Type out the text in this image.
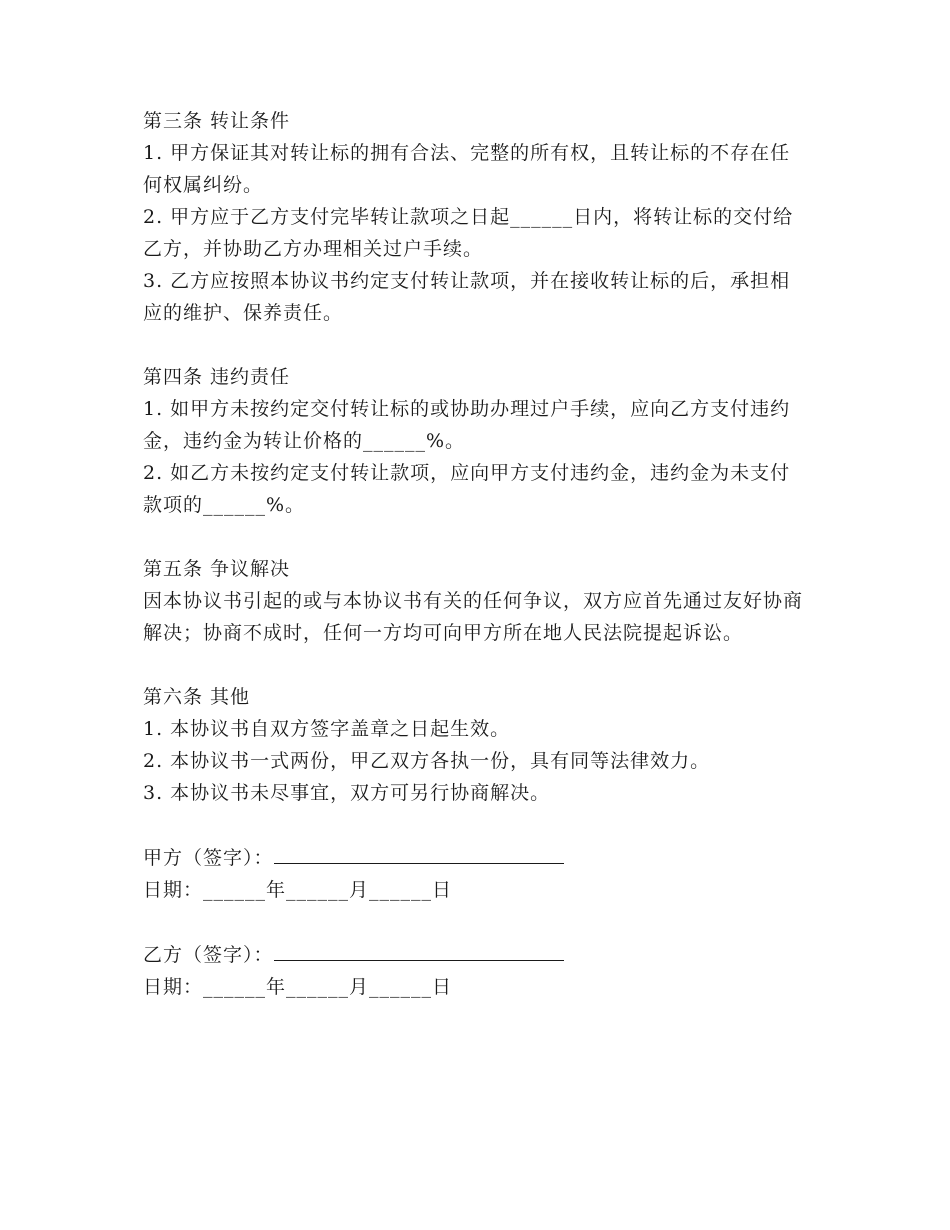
第三条 转让条件

1. 甲方保证其对转让标的拥有合法、完整的所有权，且转让标的不存在任何权属纠纷。

2. 甲方应于乙方支付完毕转让款项之日起______日内，将转让标的交付给乙方，并协助乙方办理相关过户手续。

3. 乙方应按照本协议书约定支付转让款项，并在接收转让标的后，承担相应的维护、保养责任。

第四条 违约责任

1. 如甲方未按约定交付转让标的或协助办理过户手续，应向乙方支付违约金，违约金为转让价格的______%。

2. 如乙方未按约定支付转让款项，应向甲方支付违约金，违约金为未支付款项的______%。

第五条 争议解决

因本协议书引起的或与本协议书有关的任何争议，双方应首先通过友好协商解决；协商不成时，任何一方均可向甲方所在地人民法院提起诉讼。

第六条 其他

1. 本协议书自双方签字盖章之日起生效。

2. 本协议书一式两份，甲乙双方各执一份，具有同等法律效力。

3. 本协议书未尽事宜，双方可另行协商解决。

甲方（签字）：

日期：______年______月______日

乙方（签字）：

日期：______年______月______日
